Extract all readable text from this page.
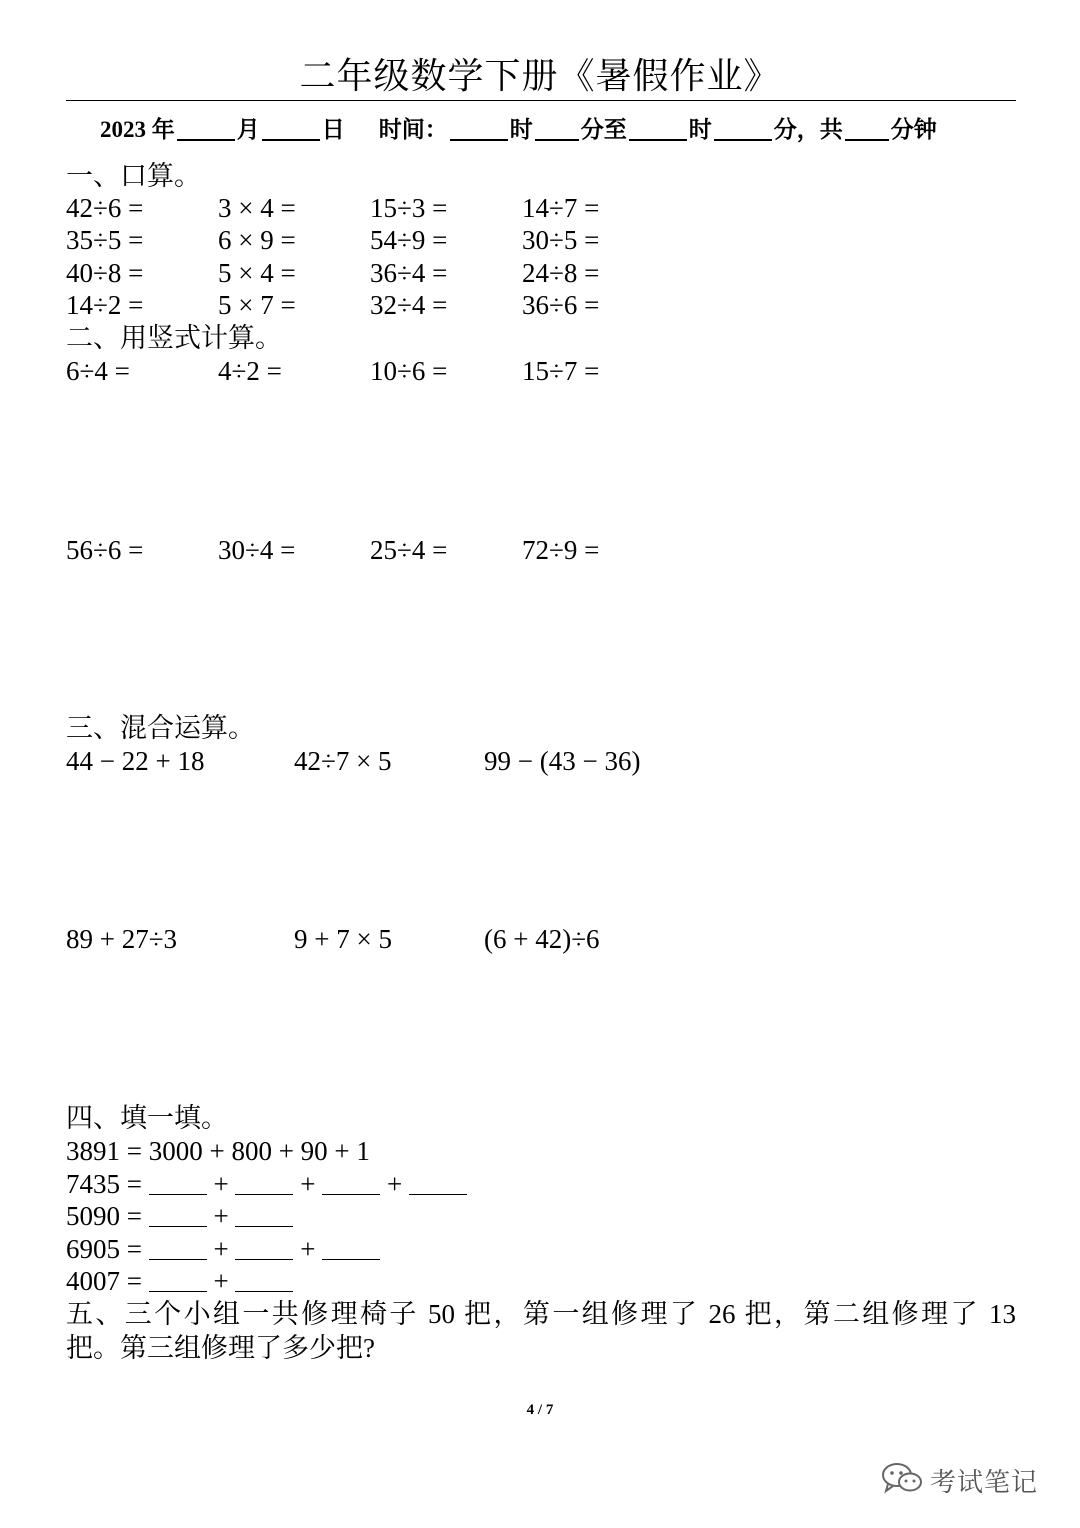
二年级数学下册《暑假作业》
2023 年	月	日 时间：	时 分至	时	分，共 分钟
一、口算。
42÷6 =	3 × 4 =	15÷3 =	14÷7 =
35÷5 =	6 × 9 =	54÷9 =	30÷5 =
40÷8 =	5 × 4 =	36÷4 =	24÷8 =
14÷2 =	5 × 7 =	32÷4 =	36÷6 =
二、用竖式计算。
6÷4 =	4÷2 =	10÷6 =	15÷7 =
56÷6 =	30÷4 =	25÷4 =	72÷9 =
三、混合运算。
44 − 22 + 18	42÷7 × 5	99 − (43 − 36)
89 + 27÷3	9 + 7 × 5	(6 + 42)÷6
四、填一填。
3891 = 3000 + 800 + 90 + 1
7435 =	+	+	+
5090 =	+
6905 =	+	+
4007 =	+
五、三个小组一共修理椅子 50 把，第一组修理了 26 把，第二组修理了 13
把。第三组修理了多少把?
4 / 7
考试笔记
